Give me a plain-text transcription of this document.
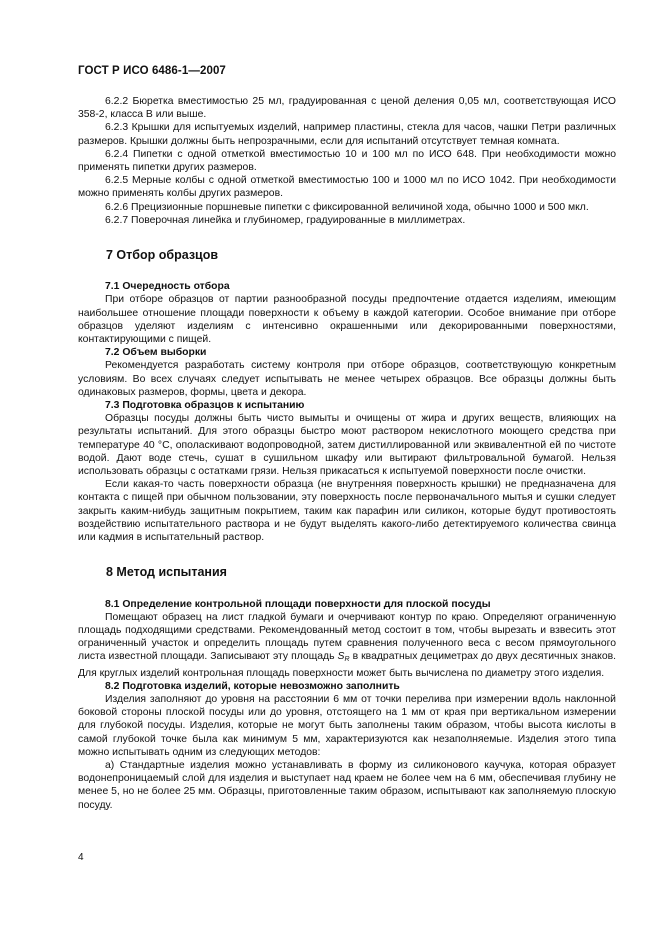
ГОСТ Р ИСО 6486-1—2007

6.2.2 Бюретка вместимостью 25 мл, градуированная с ценой деления 0,05 мл, соответствующая ИСО 358-2, класса В или выше.

6.2.3 Крышки для испытуемых изделий, например пластины, стекла для часов, чашки Петри различных размеров. Крышки должны быть непрозрачными, если для испытаний отсутствует темная комната.

6.2.4 Пипетки с одной отметкой вместимостью 10 и 100 мл по ИСО 648. При необходимости можно применять пипетки других размеров.

6.2.5 Мерные колбы с одной отметкой вместимостью 100 и 1000 мл по ИСО 1042. При необходимости можно применять колбы других размеров.

6.2.6 Прецизионные поршневые пипетки с фиксированной величиной хода, обычно 1000 и 500 мкл.

6.2.7 Поверочная линейка и глубиномер, градуированные в миллиметрах.

7 Отбор образцов
7.1 Очередность отбора

При отборе образцов от партии разнообразной посуды предпочтение отдается изделиям, имеющим наибольшее отношение площади поверхности к объему в каждой категории. Особое внимание при отборе образцов уделяют изделиям с интенсивно окрашенными или декорированными поверхностями, контактирующими с пищей.

7.2 Объем выборки

Рекомендуется разработать систему контроля при отборе образцов, соответствующую конкретным условиям. Во всех случаях следует испытывать не менее четырех образцов. Все образцы должны быть одинаковых размеров, формы, цвета и декора.

7.3 Подготовка образцов к испытанию

Образцы посуды должны быть чисто вымыты и очищены от жира и других веществ, влияющих на результаты испытаний. Для этого образцы быстро моют раствором некислотного моющего средства при температуре 40 °С, ополаскивают водопроводной, затем дистиллированной или эквивалентной ей по чистоте водой. Дают воде стечь, сушат в сушильном шкафу или вытирают фильтровальной бумагой. Нельзя использовать образцы с остатками грязи. Нельзя прикасаться к испытуемой поверхности после очистки.

Если какая-то часть поверхности образца (не внутренняя поверхность крышки) не предназначена для контакта с пищей при обычном пользовании, эту поверхность после первоначального мытья и сушки следует закрыть каким-нибудь защитным покрытием, таким как парафин или силикон, которые будут противостоять воздействию испытательного раствора и не будут выделять какого-либо детектируемого количества свинца или кадмия в испытательный раствор.

8 Метод испытания
8.1 Определение контрольной площади поверхности для плоской посуды

Помещают образец на лист гладкой бумаги и очерчивают контур по краю. Определяют ограниченную площадь подходящими средствами. Рекомендованный метод состоит в том, чтобы вырезать и взвесить этот ограниченный участок и определить площадь путем сравнения полученного веса с весом прямоугольного листа известной площади. Записывают эту площадь SR в квадратных дециметрах до двух десятичных знаков. Для круглых изделий контрольная площадь поверхности может быть вычислена по диаметру этого изделия.

8.2 Подготовка изделий, которые невозможно заполнить

Изделия заполняют до уровня на расстоянии 6 мм от точки перелива при измерении вдоль наклонной боковой стороны плоской посуды или до уровня, отстоящего на 1 мм от края при вертикальном измерении для глубокой посуды. Изделия, которые не могут быть заполнены таким образом, чтобы высота кислоты в самой глубокой точке была как минимум 5 мм, характеризуются как незаполняемые. Изделия этого типа можно испытывать одним из следующих методов:

а) Стандартные изделия можно устанавливать в форму из силиконового каучука, которая образует водонепроницаемый слой для изделия и выступает над краем не более чем на 6 мм, обеспечивая глубину не менее 5, но не более 25 мм. Образцы, приготовленные таким образом, испытывают как заполняемую плоскую посуду.

4
